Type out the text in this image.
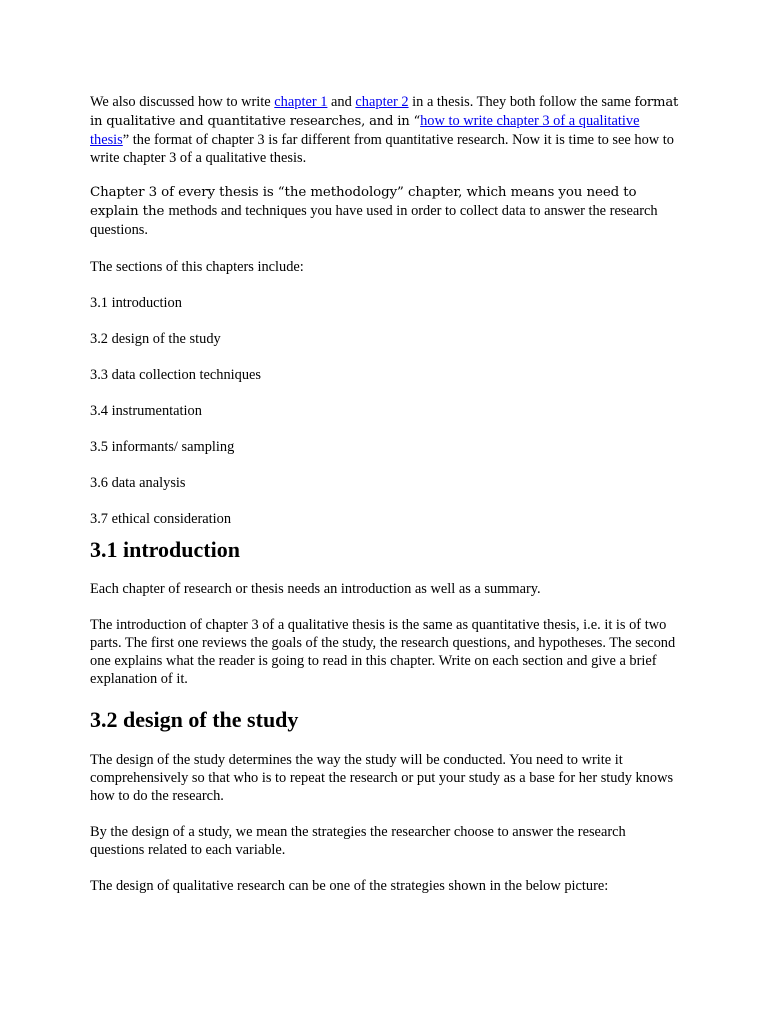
We also discussed how to write chapter 1 and chapter 2 in a thesis. They both follow the same format in qualitative and quantitative researches, and in “how to write chapter 3 of a qualitative thesis” the format of chapter 3 is far different from quantitative research. Now it is time to see how to write chapter 3 of a qualitative thesis.

Chapter 3 of every thesis is “the methodology” chapter, which means you need to explain the methods and techniques you have used in order to collect data to answer the research questions.

The sections of this chapters include:

3.1 introduction
3.2 design of the study
3.3 data collection techniques
3.4 instrumentation
3.5 informants/ sampling
3.6 data analysis
3.7 ethical consideration
3.1 introduction

Each chapter of research or thesis needs an introduction as well as a summary.

The introduction of chapter 3 of a qualitative thesis is the same as quantitative thesis, i.e. it is of two parts. The first one reviews the goals of the study, the research questions, and hypotheses. The second one explains what the reader is going to read in this chapter. Write on each section and give a brief explanation of it.

3.2 design of the study

The design of the study determines the way the study will be conducted. You need to write it comprehensively so that who is to repeat the research or put your study as a base for her study knows how to do the research.

By the design of a study, we mean the strategies the researcher choose to answer the research questions related to each variable.

The design of qualitative research can be one of the strategies shown in the below picture:
